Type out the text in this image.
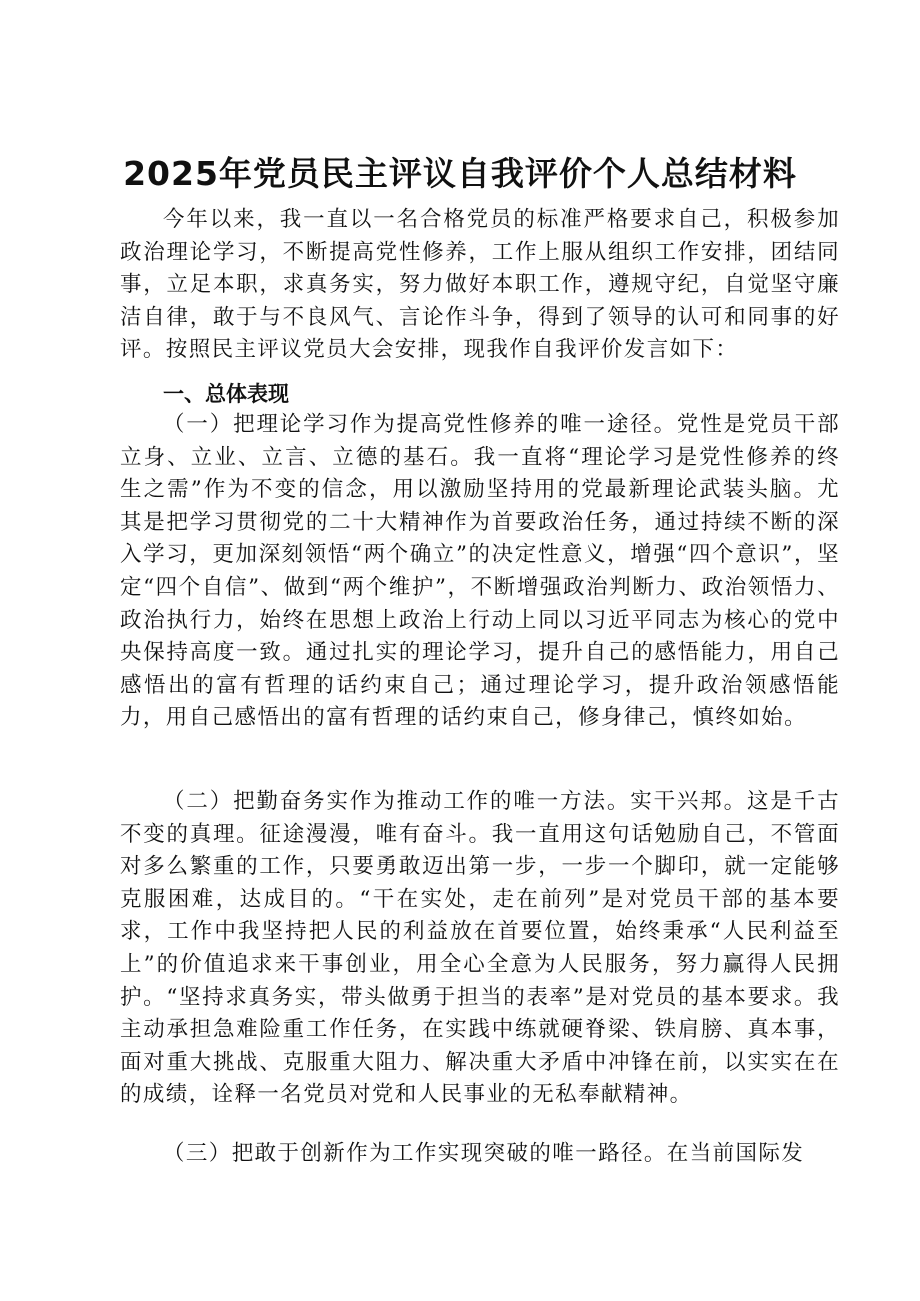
2025年党员民主评议自我评价个人总结材料

今年以来，我一直以一名合格党员的标准严格要求自己，积极参加政治理论学习，不断提高党性修养，工作上服从组织工作安排，团结同事，立足本职，求真务实，努力做好本职工作，遵规守纪，自觉坚守廉洁自律，敢于与不良风气、言论作斗争，得到了领导的认可和同事的好评。按照民主评议党员大会安排，现我作自我评价发言如下：

一、总体表现

（一）把理论学习作为提高党性修养的唯一途径。党性是党员干部立身、立业、立言、立德的基石。我一直将“理论学习是党性修养的终生之需”作为不变的信念，用以激励坚持用的党最新理论武装头脑。尤其是把学习贯彻党的二十大精神作为首要政治任务，通过持续不断的深入学习，更加深刻领悟“两个确立”的决定性意义，增强“四个意识”，坚定“四个自信”、做到“两个维护”，不断增强政治判断力、政治领悟力、政治执行力，始终在思想上政治上行动上同以习近平同志为核心的党中央保持高度一致。通过扎实的理论学习，提升自己的感悟能力，用自己感悟出的富有哲理的话约束自己；通过理论学习，提升政治领感悟能力，用自己感悟出的富有哲理的话约束自己，修身律己，慎终如始。

（二）把勤奋务实作为推动工作的唯一方法。实干兴邦。这是千古不变的真理。征途漫漫，唯有奋斗。我一直用这句话勉励自己，不管面对多么繁重的工作，只要勇敢迈出第一步，一步一个脚印，就一定能够克服困难，达成目的。“干在实处，走在前列”是对党员干部的基本要求，工作中我坚持把人民的利益放在首要位置，始终秉承“人民利益至上”的价值追求来干事创业，用全心全意为人民服务，努力赢得人民拥护。“坚持求真务实，带头做勇于担当的表率”是对党员的基本要求。我主动承担急难险重工作任务，在实践中练就硬脊梁、铁肩膀、真本事，面对重大挑战、克服重大阻力、解决重大矛盾中冲锋在前，以实实在在的成绩，诠释一名党员对党和人民事业的无私奉献精神。

（三）把敢于创新作为工作实现突破的唯一路径。在当前国际发
